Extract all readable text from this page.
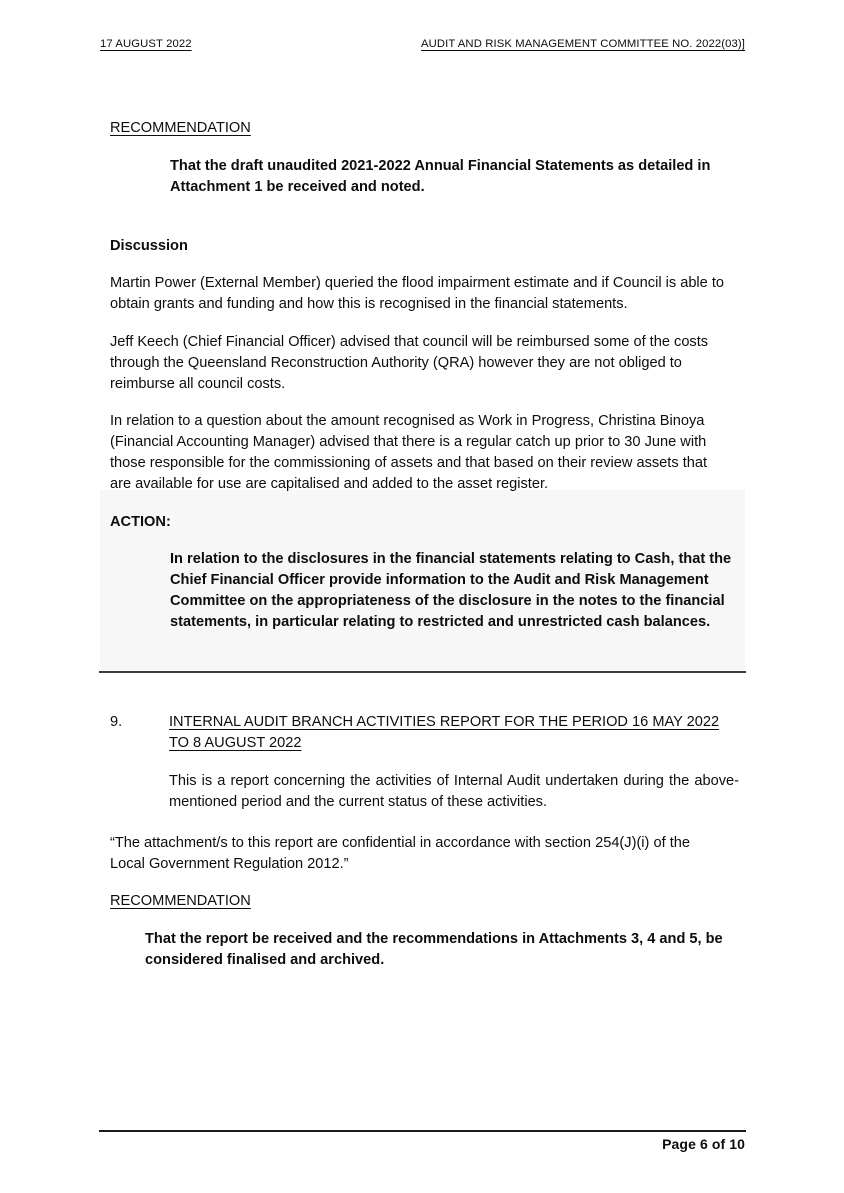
17 AUGUST 2022	AUDIT AND RISK MANAGEMENT COMMITTEE NO. 2022(03)]
RECOMMENDATION
That the draft unaudited 2021-2022 Annual Financial Statements as detailed in Attachment 1 be received and noted.
Discussion
Martin Power (External Member) queried the flood impairment estimate and if Council is able to obtain grants and funding and how this is recognised in the financial statements.
Jeff Keech (Chief Financial Officer) advised that council will be reimbursed some of the costs through the Queensland Reconstruction Authority (QRA) however they are not obliged to reimburse all council costs.
In relation to a question about the amount recognised as Work in Progress, Christina Binoya (Financial Accounting Manager) advised that there is a regular catch up prior to 30 June with those responsible for the commissioning of assets and that based on their review assets that are available for use are capitalised and added to the asset register.
ACTION:
In relation to the disclosures in the financial statements relating to Cash, that the Chief Financial Officer provide information to the Audit and Risk Management Committee on the appropriateness of the disclosure in the notes to the financial statements, in particular relating to restricted and unrestricted cash balances.
9.	INTERNAL AUDIT BRANCH ACTIVITIES REPORT FOR THE PERIOD 16 MAY 2022 TO 8 AUGUST 2022
This is a report concerning the activities of Internal Audit undertaken during the above-mentioned period and the current status of these activities.
“The attachment/s to this report are confidential in accordance with section 254(J)(i) of the Local Government Regulation 2012.”
RECOMMENDATION
That the report be received and the recommendations in Attachments 3, 4 and 5, be considered finalised and archived.
Page 6 of 10
